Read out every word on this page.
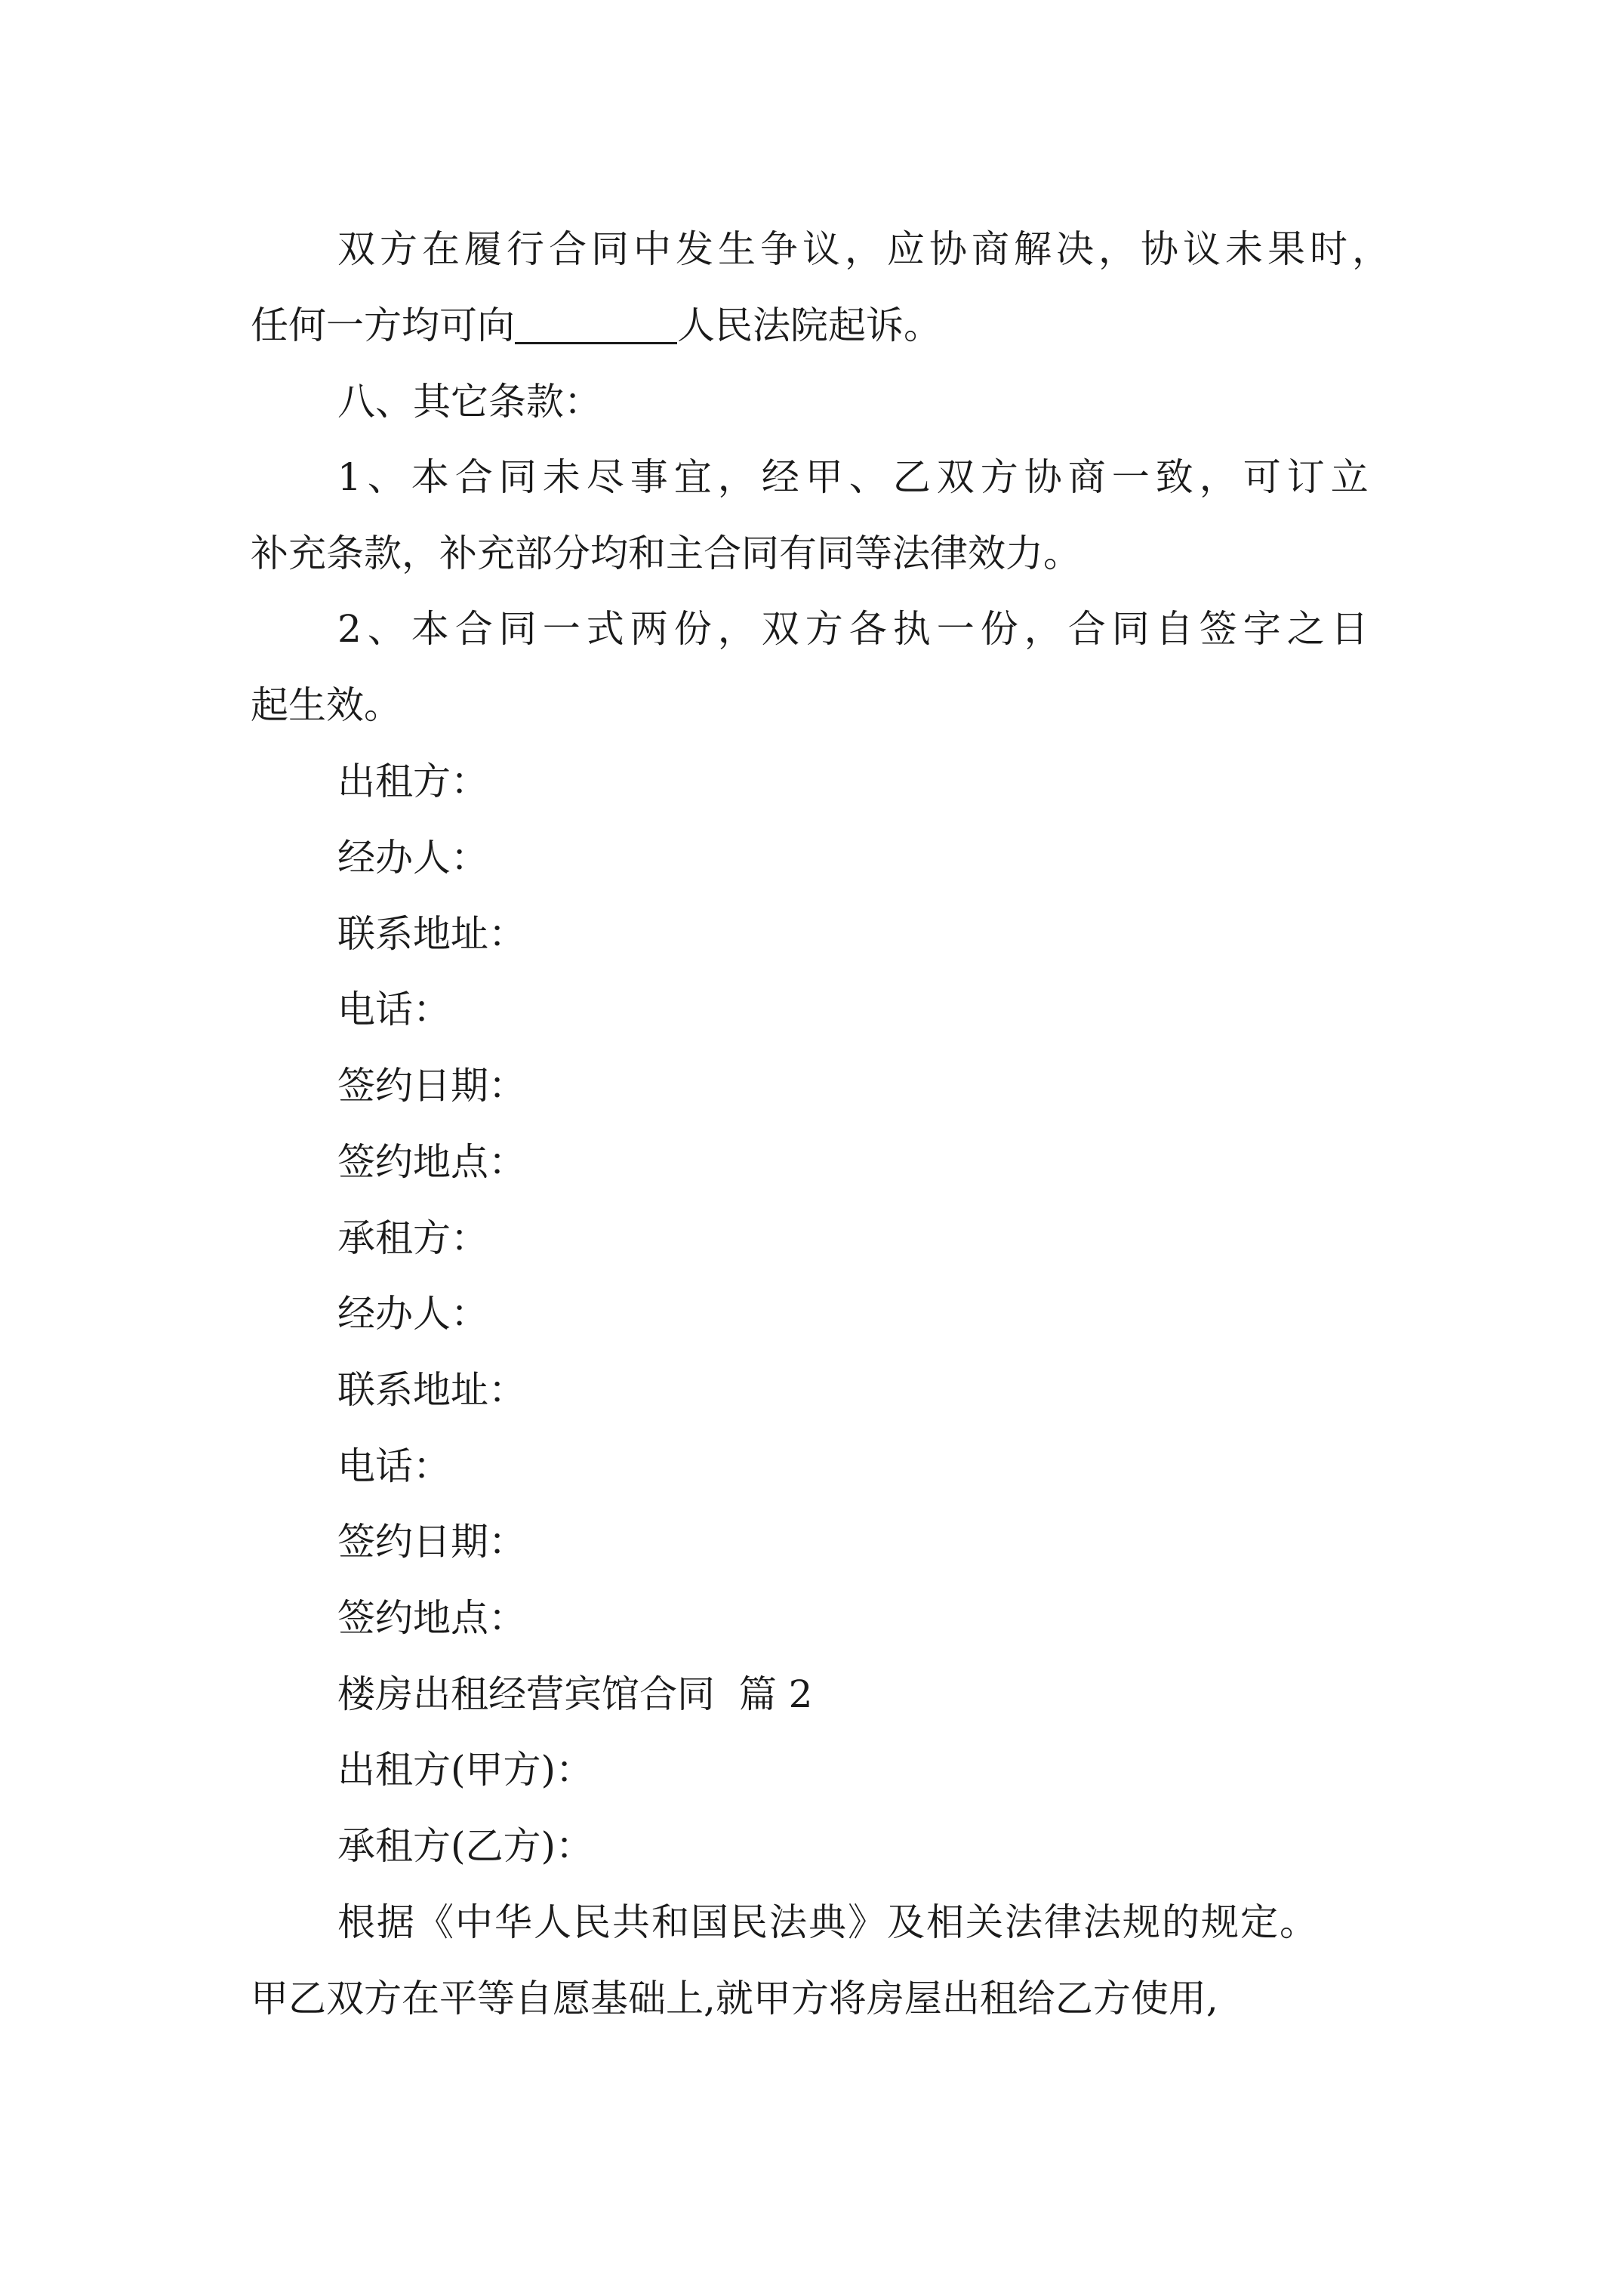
双方在履行合同中发生争议，应协商解决，协议未果时，
任何一方均可向	人民法院起诉。
八、其它条款：
1、本合同未尽事宜，经甲、乙双方协商一致，可订立
补充条款，补充部分均和主合同有同等法律效力。
2、本合同一式两份，双方各执一份，合同自签字之日
起生效。
出租方：
经办人：
联系地址：
电话：
签约日期：
签约地点：
承租方：
经办人：
联系地址：
电话：
签约日期：
签约地点：
楼房出租经营宾馆合同  篇 2
出租方(甲方)：
承租方(乙方)：
根据《中华人民共和国民法典》及相关法律法规的规定。
甲乙双方在平等自愿基础上,就甲方将房屋出租给乙方使用,
